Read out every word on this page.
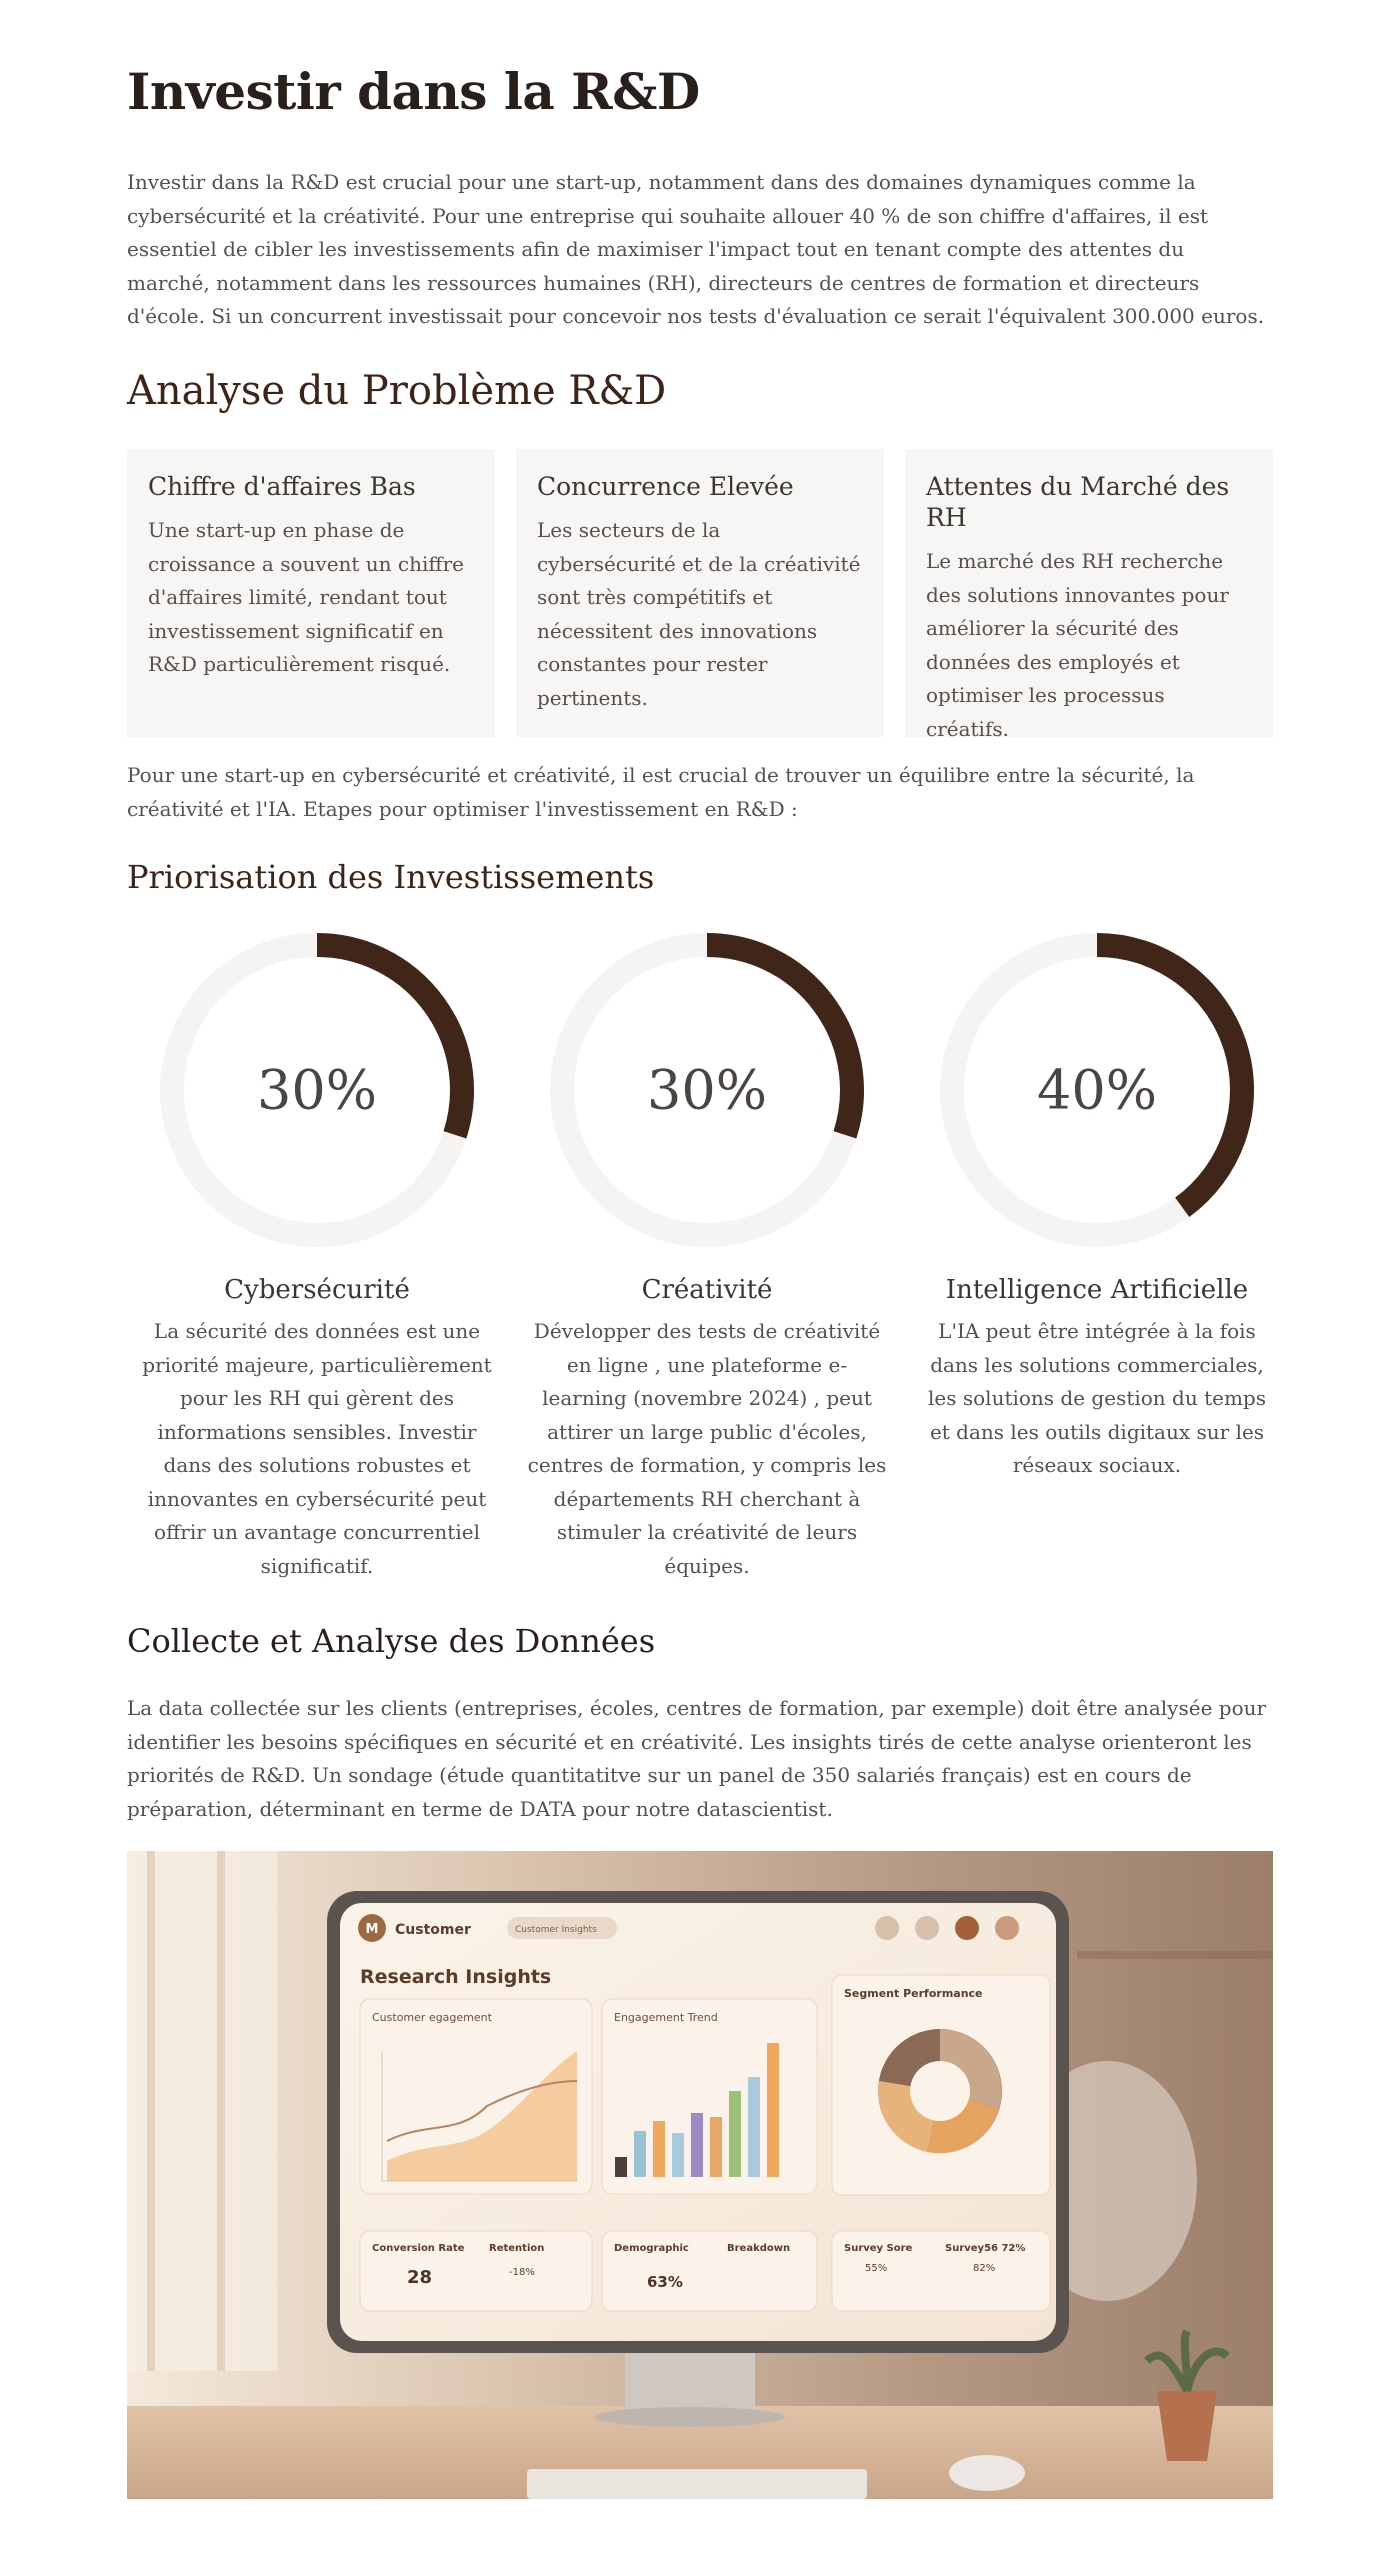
Investir dans la R&D

Investir dans la R&D est crucial pour une start-up, notamment dans des domaines dynamiques comme la cybersécurité et la créativité. Pour une entreprise qui souhaite allouer 40 % de son chiffre d'affaires, il est essentiel de cibler les investissements afin de maximiser l'impact tout en tenant compte des attentes du marché, notamment dans les ressources humaines (RH), directeurs de centres de formation et directeurs d'école. Si un concurrent investissait pour concevoir nos tests d'évaluation ce serait l'équivalent 300.000 euros.

Analyse du Problème R&D
Chiffre d'affaires Bas

Une start-up en phase de croissance a souvent un chiffre d'affaires limité, rendant tout investissement significatif en R&D particulièrement risqué.

Concurrence Elevée

Les secteurs de la cybersécurité et de la créativité sont très compétitifs et nécessitent des innovations constantes pour rester pertinents.

Attentes du Marché des RH

Le marché des RH recherche des solutions innovantes pour améliorer la sécurité des données des employés et optimiser les processus créatifs.

Pour une start-up en cybersécurité et créativité, il est crucial de trouver un équilibre entre la sécurité, la créativité et l'IA. Etapes pour optimiser l'investissement en R&D :

Priorisation des Investissements
30%
Cybersécurité

La sécurité des données est une priorité majeure, particulièrement pour les RH qui gèrent des informations sensibles. Investir dans des solutions robustes et innovantes en cybersécurité peut offrir un avantage concurrentiel significatif.

30%
Créativité

Développer des tests de créativité en ligne , une plateforme e-learning (novembre 2024) , peut attirer un large public d'écoles, centres de formation, y compris les départements RH cherchant à stimuler la créativité de leurs équipes.

40%
Intelligence Artificielle

L'IA peut être intégrée à la fois dans les solutions commerciales, les solutions de gestion du temps et dans les outils digitaux sur les réseaux sociaux.

Collecte et Analyse des Données

La data collectée sur les clients (entreprises, écoles, centres de formation, par exemple) doit être analysée pour identifier les besoins spécifiques en sécurité et en créativité. Les insights tirés de cette analyse orienteront les priorités de R&D. Un sondage (étude quantitatitve sur un panel de 350 salariés français) est en cours de préparation, déterminant en terme de DATA pour notre datascientist.

M Customer	Customer Insights
Research Insights
Customer egagement	Engagement Trend
Segment Performance
Conversion Rate
28
Retention
-18%
Demographic
63%
Breakdown	Survey Sore
55%
Survey56 72%
82%
